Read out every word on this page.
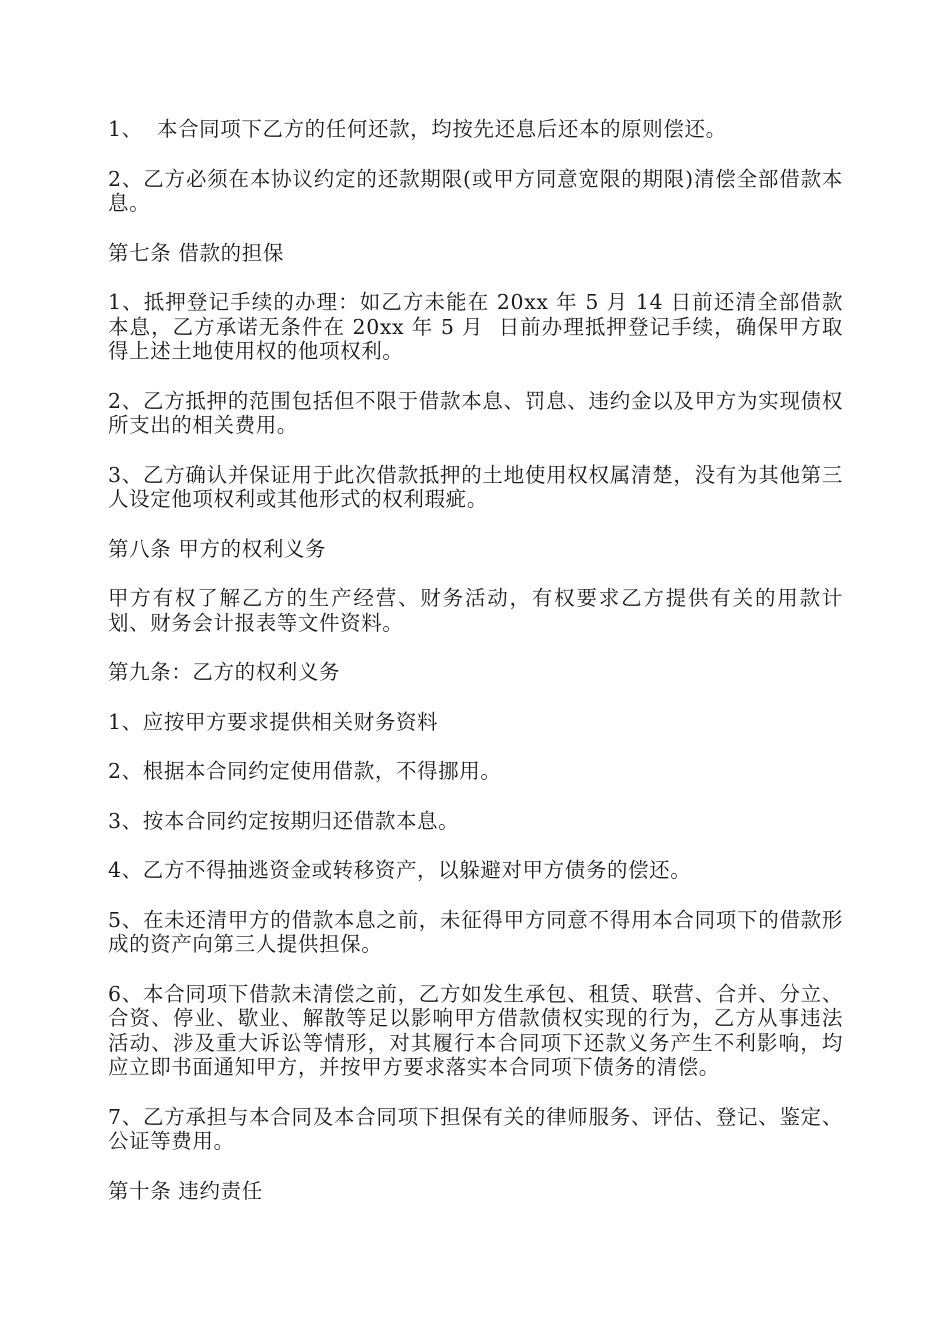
1、  本合同项下乙方的任何还款，均按先还息后还本的原则偿还。

2、乙方必须在本协议约定的还款期限(或甲方同意宽限的期限)清偿全部借款本息。

第七条 借款的担保

1、抵押登记手续的办理：如乙方未能在 20xx 年 5 月 14 日前还清全部借款本息，乙方承诺无条件在 20xx 年 5 月  日前办理抵押登记手续，确保甲方取得上述土地使用权的他项权利。

2、乙方抵押的范围包括但不限于借款本息、罚息、违约金以及甲方为实现债权所支出的相关费用。

3、乙方确认并保证用于此次借款抵押的土地使用权权属清楚，没有为其他第三人设定他项权利或其他形式的权利瑕疵。

第八条 甲方的权利义务

甲方有权了解乙方的生产经营、财务活动，有权要求乙方提供有关的用款计划、财务会计报表等文件资料。

第九条：乙方的权利义务

1、应按甲方要求提供相关财务资料

2、根据本合同约定使用借款，不得挪用。

3、按本合同约定按期归还借款本息。

4、乙方不得抽逃资金或转移资产，以躲避对甲方债务的偿还。

5、在未还清甲方的借款本息之前，未征得甲方同意不得用本合同项下的借款形成的资产向第三人提供担保。

6、本合同项下借款未清偿之前，乙方如发生承包、租赁、联营、合并、分立、合资、停业、歇业、解散等足以影响甲方借款债权实现的行为，乙方从事违法活动、涉及重大诉讼等情形，对其履行本合同项下还款义务产生不利影响，均应立即书面通知甲方，并按甲方要求落实本合同项下债务的清偿。

7、乙方承担与本合同及本合同项下担保有关的律师服务、评估、登记、鉴定、公证等费用。

第十条 违约责任
